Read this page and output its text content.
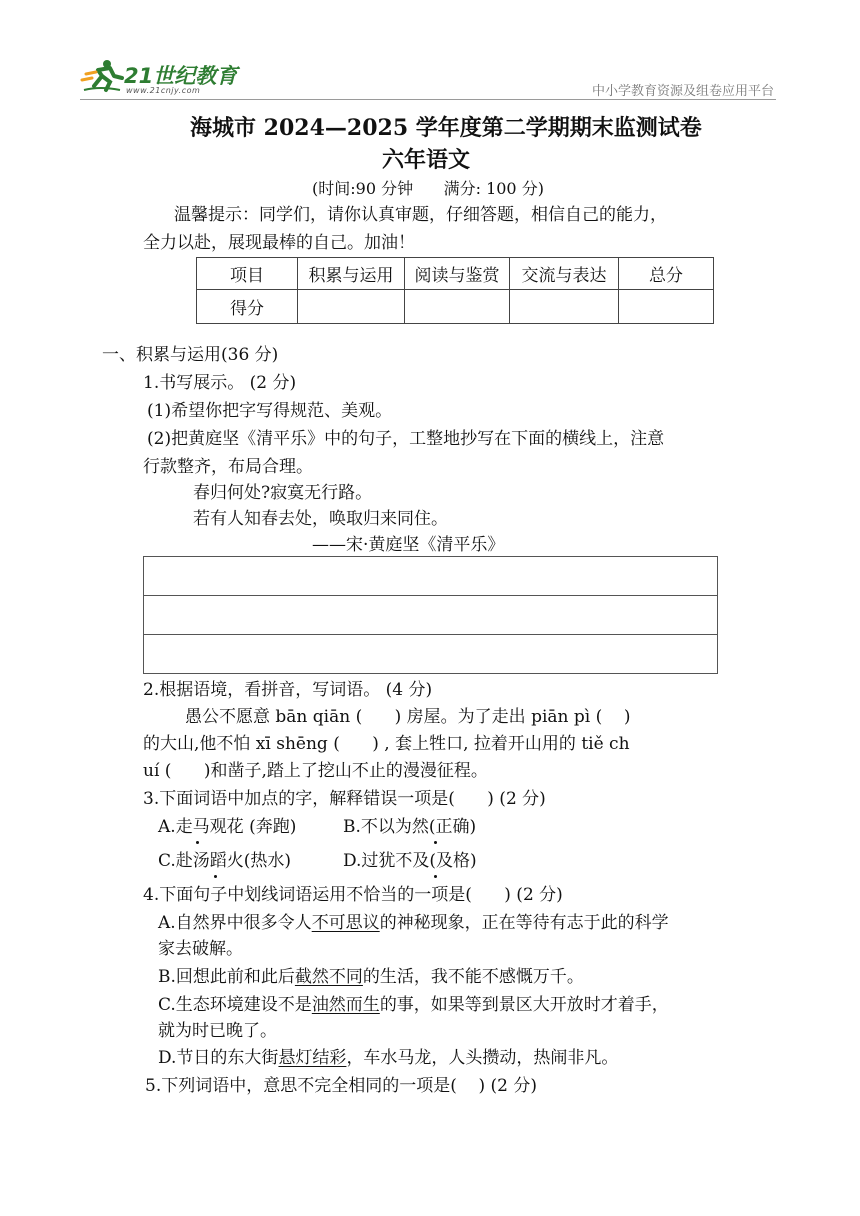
21世纪教育
www.21cnjy.com	中小学教育资源及组卷应用平台
海城市 2024—2025 学年度第二学期期末监测试卷
六年语文
(时间:90 分钟      满分: 100 分)
温馨提示：同学们，请你认真审题，仔细答题，相信自己的能力，
全力以赴，展现最棒的自己。加油！
项目	积累与运用	阅读与鉴赏	交流与表达	总分
得分				
一、积累与运用(36 分)
1.书写展示。 (2 分)
(1)希望你把字写得规范、美观。
(2)把黄庭坚《清平乐》中的句子，工整地抄写在下面的横线上，注意
行款整齐，布局合理。
春归何处?寂寞无行路。
若有人知春去处，唤取归来同住。
——宋·黄庭坚《清平乐》
2.根据语境，看拼音，写词语。 (4 分)
愚公不愿意 bān qiān (      ) 房屋。为了走出 piān pì (    )
的大山,他不怕 xī shēng (      ) , 套上牲口, 拉着开山用的 tiě ch
uí (      )和凿子,踏上了挖山不止的漫漫征程。
3.下面词语中加点的字，解释错误一项是(      ) (2 分)
A.走马观花 (奔跑)	B.不以为然(正确)
C.赴汤蹈火(热水)	D.过犹不及(及格)
4.下面句子中划线词语运用不恰当的一项是(      ) (2 分)
A.自然界中很多令人不可思议的神秘现象，正在等待有志于此的科学
家去破解。
B.回想此前和此后截然不同的生活，我不能不感慨万千。
C.生态环境建设不是油然而生的事，如果等到景区大开放时才着手，
就为时已晚了。
D.节日的东大街悬灯结彩，车水马龙，人头攒动，热闹非凡。
5.下列词语中，意思不完全相同的一项是(    ) (2 分)
